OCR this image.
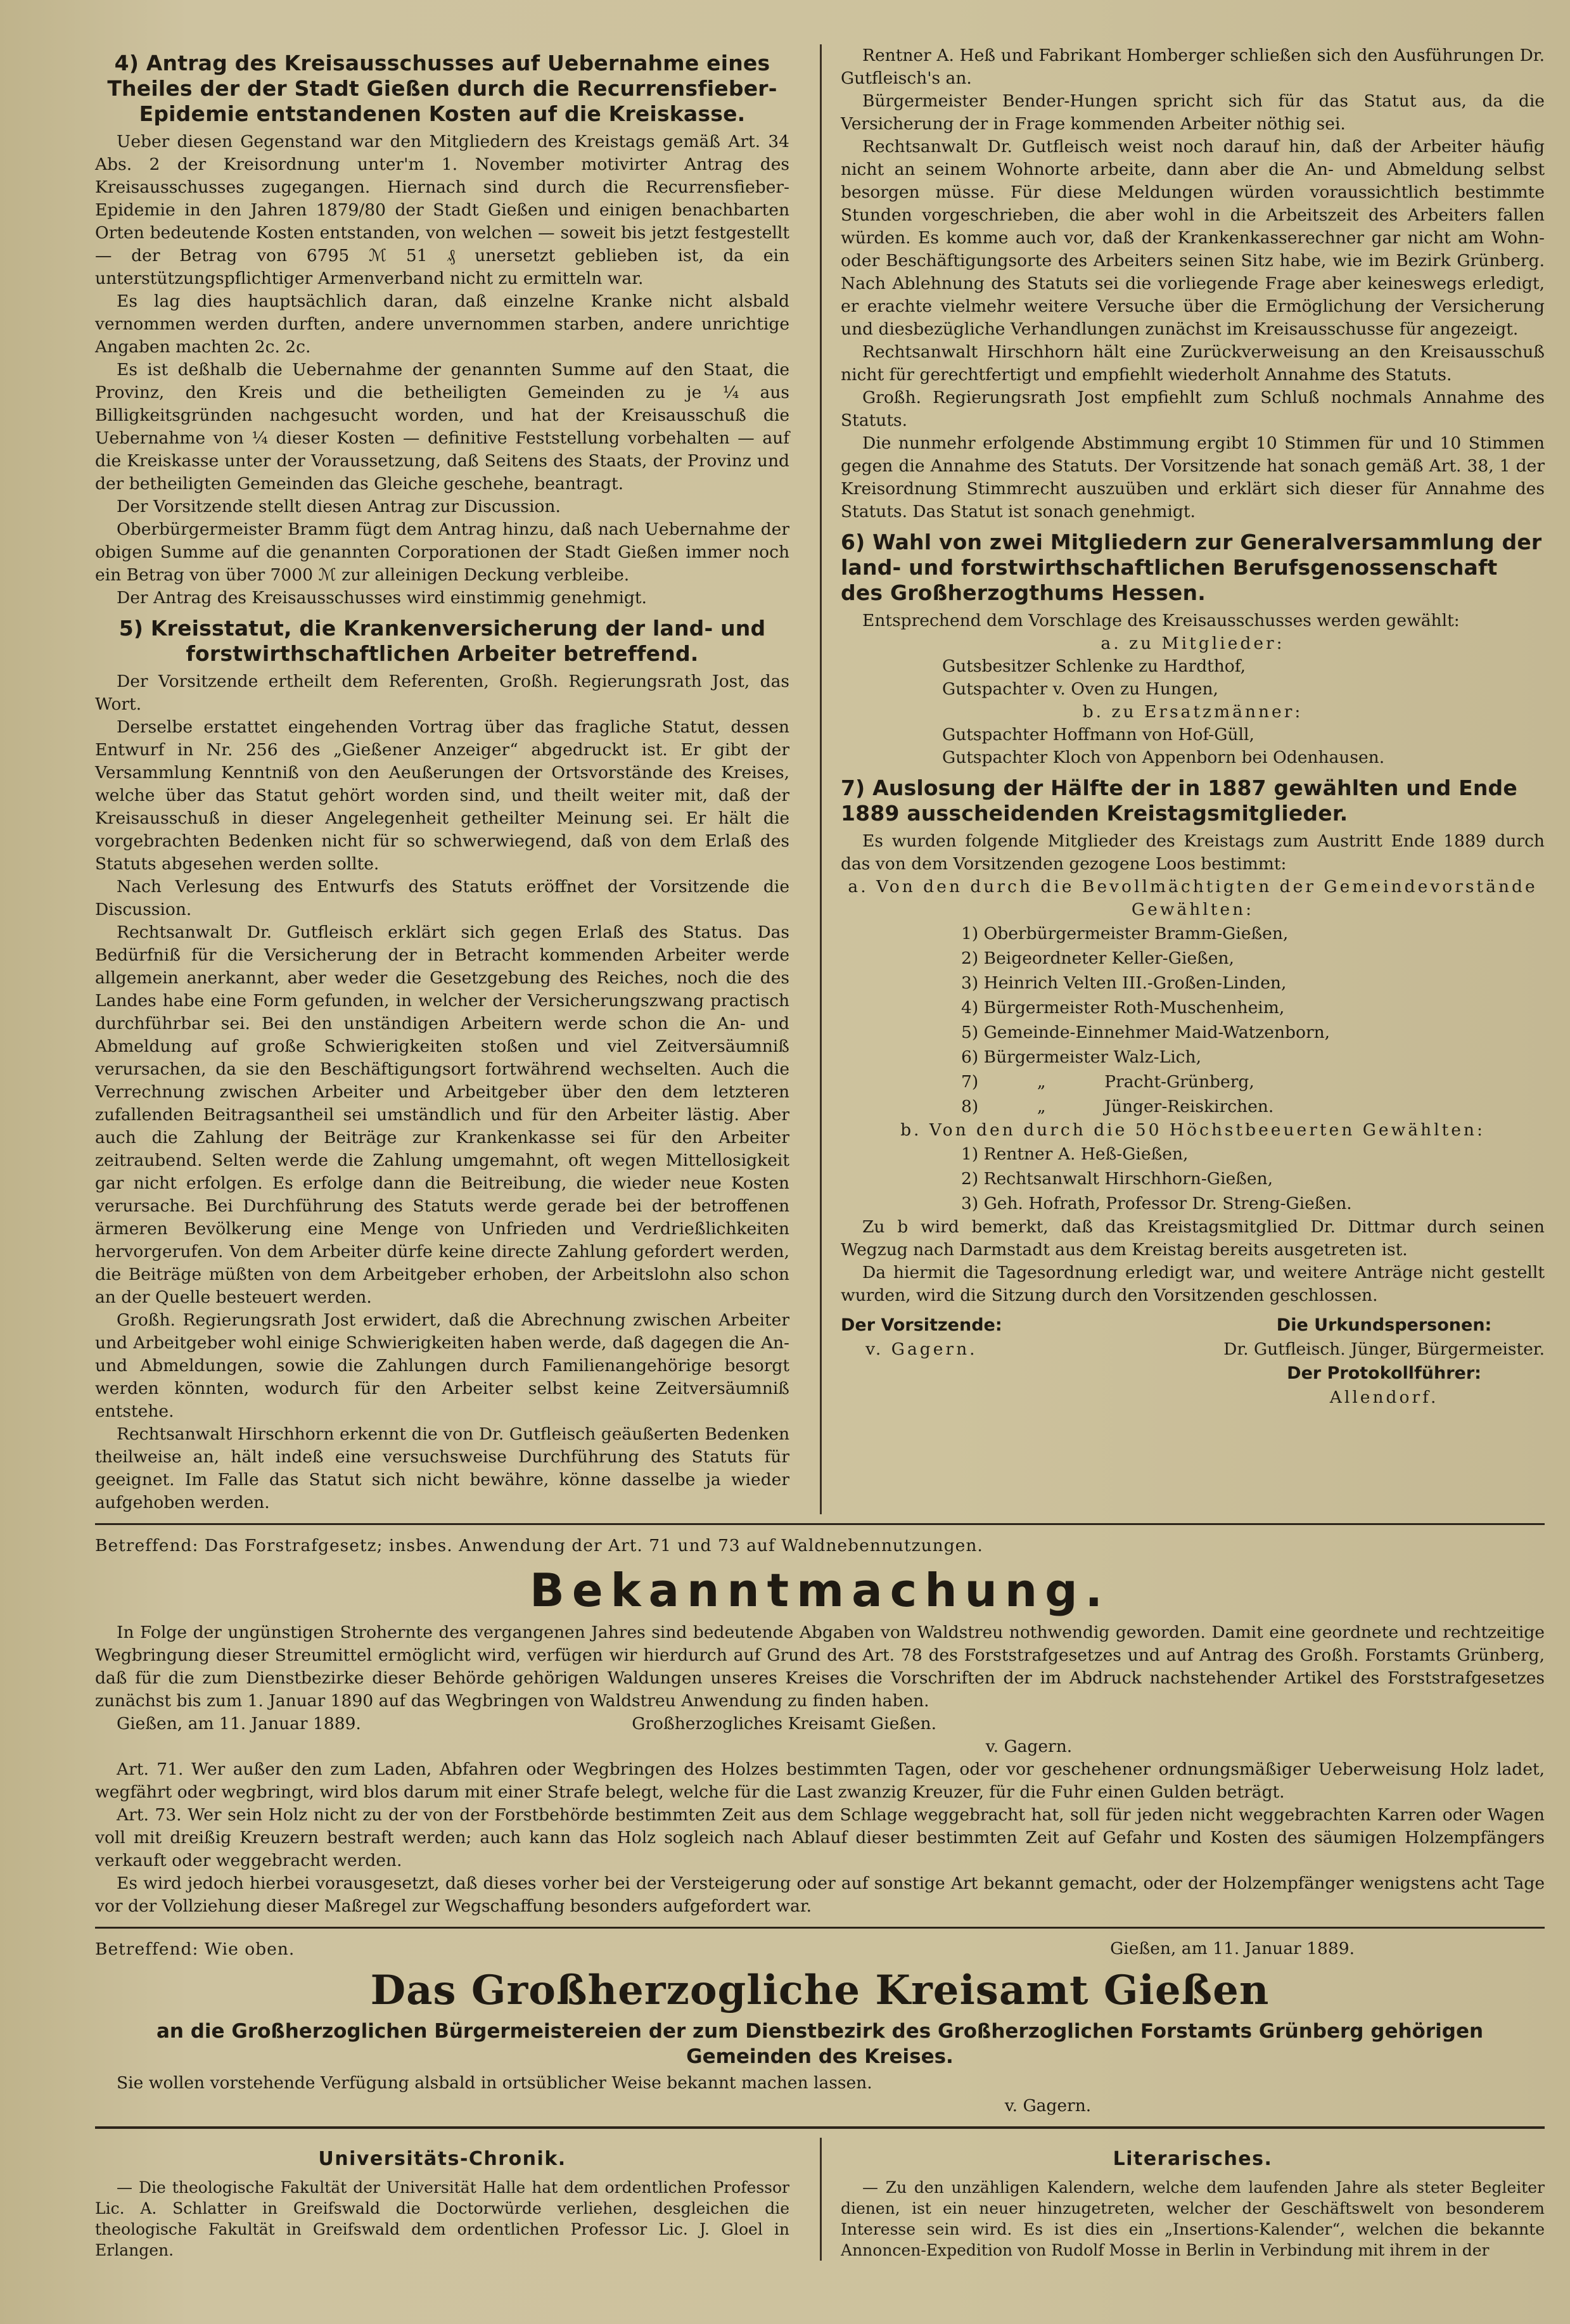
4) Antrag des Kreisausschusses auf Uebernahme eines Theiles der der Stadt Gießen durch die Recurrensfieber-Epidemie entstandenen Kosten auf die Kreiskasse.

Ueber diesen Gegenstand war den Mitgliedern des Kreistags gemäß Art. 34 Abs. 2 der Kreisordnung unter'm 1. November motivirter Antrag des Kreisausschusses zugegangen. Hiernach sind durch die Recurrensfieber-Epidemie in den Jahren 1879/80 der Stadt Gießen und einigen benachbarten Orten bedeutende Kosten entstanden, von welchen — soweit bis jetzt festgestellt — der Betrag von 6795 ℳ 51 ₰ unersetzt geblieben ist, da ein unterstützungspflichtiger Armenverband nicht zu ermitteln war.

Es lag dies hauptsächlich daran, daß einzelne Kranke nicht alsbald vernommen werden durften, andere unvernommen starben, andere unrichtige Angaben machten 2c. 2c.

Es ist deßhalb die Uebernahme der genannten Summe auf den Staat, die Provinz, den Kreis und die betheiligten Gemeinden zu je ¼ aus Billigkeitsgründen nachgesucht worden, und hat der Kreisausschuß die Uebernahme von ¼ dieser Kosten — definitive Feststellung vorbehalten — auf die Kreiskasse unter der Voraussetzung, daß Seitens des Staats, der Provinz und der betheiligten Gemeinden das Gleiche geschehe, beantragt.

Der Vorsitzende stellt diesen Antrag zur Discussion.

Oberbürgermeister Bramm fügt dem Antrag hinzu, daß nach Uebernahme der obigen Summe auf die genannten Corporationen der Stadt Gießen immer noch ein Betrag von über 7000 ℳ zur alleinigen Deckung verbleibe.

Der Antrag des Kreisausschusses wird einstimmig genehmigt.

5) Kreisstatut, die Krankenversicherung der land- und forstwirthschaftlichen Arbeiter betreffend.

Der Vorsitzende ertheilt dem Referenten, Großh. Regierungsrath Jost, das Wort.

Derselbe erstattet eingehenden Vortrag über das fragliche Statut, dessen Entwurf in Nr. 256 des „Gießener Anzeiger“ abgedruckt ist. Er gibt der Versammlung Kenntniß von den Aeußerungen der Ortsvorstände des Kreises, welche über das Statut gehört worden sind, und theilt weiter mit, daß der Kreisausschuß in dieser Angelegenheit getheilter Meinung sei. Er hält die vorgebrachten Bedenken nicht für so schwerwiegend, daß von dem Erlaß des Statuts abgesehen werden sollte.

Nach Verlesung des Entwurfs des Statuts eröffnet der Vorsitzende die Discussion.

Rechtsanwalt Dr. Gutfleisch erklärt sich gegen Erlaß des Status. Das Bedürfniß für die Versicherung der in Betracht kommenden Arbeiter werde allgemein anerkannt, aber weder die Gesetzgebung des Reiches, noch die des Landes habe eine Form gefunden, in welcher der Versicherungszwang practisch durchführbar sei. Bei den unständigen Arbeitern werde schon die An- und Abmeldung auf große Schwierigkeiten stoßen und viel Zeitversäumniß verursachen, da sie den Beschäftigungsort fortwährend wechselten. Auch die Verrechnung zwischen Arbeiter und Arbeitgeber über den dem letzteren zufallenden Beitragsantheil sei umständlich und für den Arbeiter lästig. Aber auch die Zahlung der Beiträge zur Krankenkasse sei für den Arbeiter zeitraubend. Selten werde die Zahlung umgemahnt, oft wegen Mittellosigkeit gar nicht erfolgen. Es erfolge dann die Beitreibung, die wieder neue Kosten verursache. Bei Durchführung des Statuts werde gerade bei der betroffenen ärmeren Bevölkerung eine Menge von Unfrieden und Verdrießlichkeiten hervorgerufen. Von dem Arbeiter dürfe keine directe Zahlung gefordert werden, die Beiträge müßten von dem Arbeitgeber erhoben, der Arbeitslohn also schon an der Quelle besteuert werden.

Großh. Regierungsrath Jost erwidert, daß die Abrechnung zwischen Arbeiter und Arbeitgeber wohl einige Schwierigkeiten haben werde, daß dagegen die An- und Abmeldungen, sowie die Zahlungen durch Familienangehörige besorgt werden könnten, wodurch für den Arbeiter selbst keine Zeitversäumniß entstehe.

Rechtsanwalt Hirschhorn erkennt die von Dr. Gutfleisch geäußerten Bedenken theilweise an, hält indeß eine versuchsweise Durchführung des Statuts für geeignet. Im Falle das Statut sich nicht bewähre, könne dasselbe ja wieder aufgehoben werden.

Rentner A. Heß und Fabrikant Homberger schließen sich den Ausführungen Dr. Gutfleisch's an.

Bürgermeister Bender-Hungen spricht sich für das Statut aus, da die Versicherung der in Frage kommenden Arbeiter nöthig sei.

Rechtsanwalt Dr. Gutfleisch weist noch darauf hin, daß der Arbeiter häufig nicht an seinem Wohnorte arbeite, dann aber die An- und Abmeldung selbst besorgen müsse. Für diese Meldungen würden voraussichtlich bestimmte Stunden vorgeschrieben, die aber wohl in die Arbeitszeit des Arbeiters fallen würden. Es komme auch vor, daß der Krankenkasserechner gar nicht am Wohn- oder Beschäftigungsorte des Arbeiters seinen Sitz habe, wie im Bezirk Grünberg. Nach Ablehnung des Statuts sei die vorliegende Frage aber keineswegs erledigt, er erachte vielmehr weitere Versuche über die Ermöglichung der Versicherung und diesbezügliche Verhandlungen zunächst im Kreisausschusse für angezeigt.

Rechtsanwalt Hirschhorn hält eine Zurückverweisung an den Kreisausschuß nicht für gerechtfertigt und empfiehlt wiederholt Annahme des Statuts.

Großh. Regierungsrath Jost empfiehlt zum Schluß nochmals Annahme des Statuts.

Die nunmehr erfolgende Abstimmung ergibt 10 Stimmen für und 10 Stimmen gegen die Annahme des Statuts. Der Vorsitzende hat sonach gemäß Art. 38, 1 der Kreisordnung Stimmrecht auszuüben und erklärt sich dieser für Annahme des Statuts. Das Statut ist sonach genehmigt.

6) Wahl von zwei Mitgliedern zur Generalversammlung der land- und forstwirthschaftlichen Berufsgenossenschaft des Großherzogthums Hessen.

Entsprechend dem Vorschlage des Kreisausschusses werden gewählt:

a. zu Mitglieder:

Gutsbesitzer Schlenke zu Hardthof,

Gutspachter v. Oven zu Hungen,

b. zu Ersatzmänner:

Gutspachter Hoffmann von Hof-Güll,

Gutspachter Kloch von Appenborn bei Odenhausen.

7) Auslosung der Hälfte der in 1887 gewählten und Ende 1889 ausscheidenden Kreistagsmitglieder.

Es wurden folgende Mitglieder des Kreistags zum Austritt Ende 1889 durch das von dem Vorsitzenden gezogene Loos bestimmt:

a. Von den durch die Bevollmächtigten der Gemeindevorstände Gewählten:

1) Oberbürgermeister Bramm-Gießen,
2) Beigeordneter Keller-Gießen,
3) Heinrich Velten III.-Großen-Linden,
4) Bürgermeister Roth-Muschenheim,
5) Gemeinde-Einnehmer Maid-Watzenborn,
6) Bürgermeister Walz-Lich,
7)           „           Pracht-Grünberg,
8)           „           Jünger-Reiskirchen.

b. Von den durch die 50 Höchstbeeuerten Gewählten:

1) Rentner A. Heß-Gießen,
2) Rechtsanwalt Hirschhorn-Gießen,
3) Geh. Hofrath, Professor Dr. Streng-Gießen.

Zu b wird bemerkt, daß das Kreistagsmitglied Dr. Dittmar durch seinen Wegzug nach Darmstadt aus dem Kreistag bereits ausgetreten ist.

Da hiermit die Tagesordnung erledigt war, und weitere Anträge nicht gestellt wurden, wird die Sitzung durch den Vorsitzenden geschlossen.

Der Vorsitzende:
v. Gagern.
Die Urkundspersonen:
Dr. Gutfleisch. Jünger, Bürgermeister.
Der Protokollführer:
Allendorf.
Betreffend: Das Forstrafgesetz; insbes. Anwendung der Art. 71 und 73 auf Waldnebennutzungen.
Bekanntmachung.

In Folge der ungünstigen Strohernte des vergangenen Jahres sind bedeutende Abgaben von Waldstreu nothwendig geworden. Damit eine geordnete und rechtzeitige Wegbringung dieser Streumittel ermöglicht wird, verfügen wir hierdurch auf Grund des Art. 78 des Forststrafgesetzes und auf Antrag des Großh. Forstamts Grünberg, daß für die zum Dienstbezirke dieser Behörde gehörigen Waldungen unseres Kreises die Vorschriften der im Abdruck nachstehender Artikel des Forststrafgesetzes zunächst bis zum 1. Januar 1890 auf das Wegbringen von Waldstreu Anwendung zu finden haben.

Gießen, am 11. Januar 1889.	Großherzogliches Kreisamt Gießen.
v. Gagern.

Art. 71. Wer außer den zum Laden, Abfahren oder Wegbringen des Holzes bestimmten Tagen, oder vor geschehener ordnungsmäßiger Ueberweisung Holz ladet, wegfährt oder wegbringt, wird blos darum mit einer Strafe belegt, welche für die Last zwanzig Kreuzer, für die Fuhr einen Gulden beträgt.

Art. 73. Wer sein Holz nicht zu der von der Forstbehörde bestimmten Zeit aus dem Schlage weggebracht hat, soll für jeden nicht weggebrachten Karren oder Wagen voll mit dreißig Kreuzern bestraft werden; auch kann das Holz sogleich nach Ablauf dieser bestimmten Zeit auf Gefahr und Kosten des säumigen Holzempfängers verkauft oder weggebracht werden.

Es wird jedoch hierbei vorausgesetzt, daß dieses vorher bei der Versteigerung oder auf sonstige Art bekannt gemacht, oder der Holzempfänger wenigstens acht Tage vor der Vollziehung dieser Maßregel zur Wegschaffung besonders aufgefordert war.

Betreffend: Wie oben.	Gießen, am 11. Januar 1889.
Das Großherzogliche Kreisamt Gießen
an die Großherzoglichen Bürgermeistereien der zum Dienstbezirk des Großherzoglichen Forstamts Grünberg gehörigen Gemeinden des Kreises.

Sie wollen vorstehende Verfügung alsbald in ortsüblicher Weise bekannt machen lassen.

v. Gagern.
Universitäts-Chronik.

— Die theologische Fakultät der Universität Halle hat dem ordentlichen Professor Lic. A. Schlatter in Greifswald die Doctorwürde verliehen, desgleichen die theologische Fakultät in Greifswald dem ordentlichen Professor Lic. J. Gloel in Erlangen.

Literarisches.

— Zu den unzähligen Kalendern, welche dem laufenden Jahre als steter Begleiter dienen, ist ein neuer hinzugetreten, welcher der Geschäftswelt von besonderem Interesse sein wird. Es ist dies ein „Insertions-Kalender“, welchen die bekannte Annoncen-Expedition von Rudolf Mosse in Berlin in Verbindung mit ihrem in der
